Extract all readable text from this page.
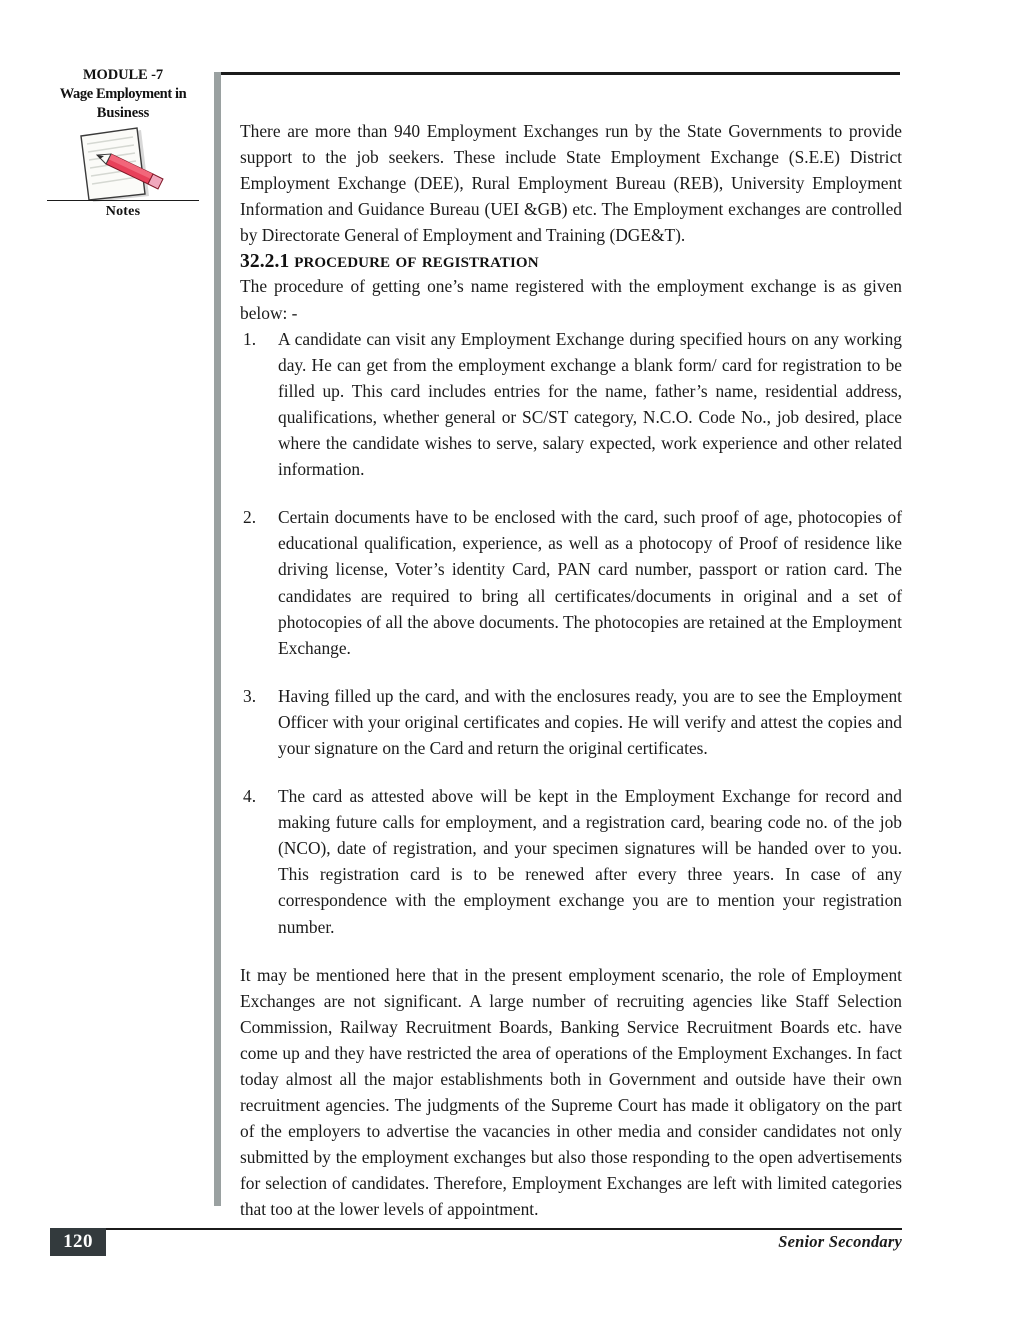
MODULE -7
Wage Employment in
Business
Notes

There are more than 940 Employment Exchanges run by the State Governments to provide support to the job seekers. These include State Employment Exchange (S.E.E) District Employment Exchange (DEE), Rural Employment Bureau (REB), University Employment Information and Guidance Bureau (UEI &GB) etc. The Employment exchanges are controlled by Directorate General of Employment and Training (DGE&T).

32.2.1 procedure of registration

The procedure of getting one’s name registered with the employment exchange is as given below: -

1.	A candidate can visit any Employment Exchange during specified hours on any working day. He can get from the employment exchange a blank form/ card for registration to be filled up. This card includes entries for the name, father’s name, residential address, qualifications, whether general or SC/ST category, N.C.O. Code No., job desired, place where the candidate wishes to serve, salary expected, work experience and other related information.
2.	Certain documents have to be enclosed with the card, such proof of age, photocopies of educational qualification, experience, as well as a photocopy of Proof of residence like driving license, Voter’s identity Card, PAN card number, passport or ration card. The candidates are required to bring all certificates/documents in original and a set of photocopies of all the above documents. The photocopies are retained at the Employment Exchange.
3.	Having filled up the card, and with the enclosures ready, you are to see the Employment Officer with your original certificates and copies. He will verify and attest the copies and your signature on the Card and return the original certificates.
4.	The card as attested above will be kept in the Employment Exchange for record and making future calls for employment, and a registration card, bearing code no. of the job (NCO), date of registration, and your specimen signatures will be handed over to you. This registration card is to be renewed after every three years. In case of any correspondence with the employment exchange you are to mention your registration number.

It may be mentioned here that in the present employment scenario, the role of Employment Exchanges are not significant. A large number of recruiting agencies like Staff Selection Commission, Railway Recruitment Boards, Banking Service Recruitment Boards etc. have come up and they have restricted the area of operations of the Employment Exchanges. In fact today almost all the major establishments both in Government and outside have their own recruitment agencies. The judgments of the Supreme Court has made it obligatory on the part of the employers to advertise the vacancies in other media and consider candidates not only submitted by the employment exchanges but also those responding to the open advertisements for selection of candidates. Therefore, Employment Exchanges are left with limited categories that too at the lower levels of appointment.

120	Senior Secondary
